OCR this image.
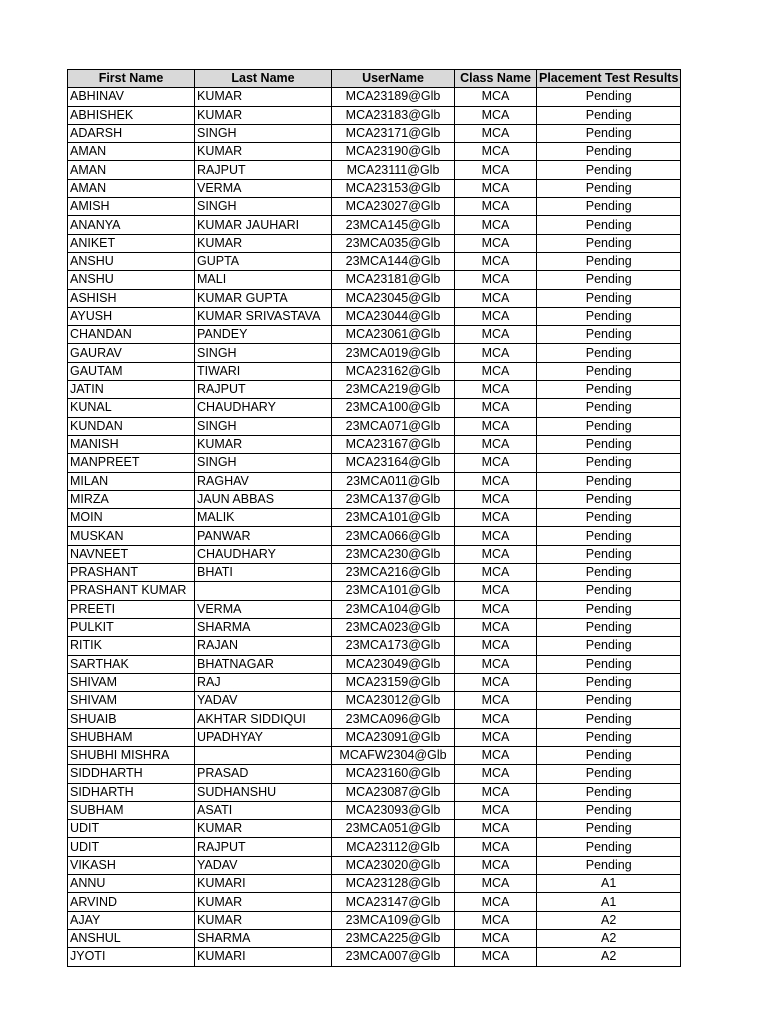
First Name	Last Name	UserName	Class Name	Placement Test Results
ABHINAV	KUMAR	MCA23189@Glb	MCA	Pending
ABHISHEK	KUMAR	MCA23183@Glb	MCA	Pending
ADARSH	SINGH	MCA23171@Glb	MCA	Pending
AMAN	KUMAR	MCA23190@Glb	MCA	Pending
AMAN	RAJPUT	MCA23111@Glb	MCA	Pending
AMAN	VERMA	MCA23153@Glb	MCA	Pending
AMISH	SINGH	MCA23027@Glb	MCA	Pending
ANANYA	KUMAR JAUHARI	23MCA145@Glb	MCA	Pending
ANIKET	KUMAR	23MCA035@Glb	MCA	Pending
ANSHU	GUPTA	23MCA144@Glb	MCA	Pending
ANSHU	MALI	MCA23181@Glb	MCA	Pending
ASHISH	KUMAR GUPTA	MCA23045@Glb	MCA	Pending
AYUSH	KUMAR SRIVASTAVA	MCA23044@Glb	MCA	Pending
CHANDAN	PANDEY	MCA23061@Glb	MCA	Pending
GAURAV	SINGH	23MCA019@Glb	MCA	Pending
GAUTAM	TIWARI	MCA23162@Glb	MCA	Pending
JATIN	RAJPUT	23MCA219@Glb	MCA	Pending
KUNAL	CHAUDHARY	23MCA100@Glb	MCA	Pending
KUNDAN	SINGH	23MCA071@Glb	MCA	Pending
MANISH	KUMAR	MCA23167@Glb	MCA	Pending
MANPREET	SINGH	MCA23164@Glb	MCA	Pending
MILAN	RAGHAV	23MCA011@Glb	MCA	Pending
MIRZA	JAUN ABBAS	23MCA137@Glb	MCA	Pending
MOIN	MALIK	23MCA101@Glb	MCA	Pending
MUSKAN	PANWAR	23MCA066@Glb	MCA	Pending
NAVNEET	CHAUDHARY	23MCA230@Glb	MCA	Pending
PRASHANT	BHATI	23MCA216@Glb	MCA	Pending
PRASHANT KUMAR		23MCA101@Glb	MCA	Pending
PREETI	VERMA	23MCA104@Glb	MCA	Pending
PULKIT	SHARMA	23MCA023@Glb	MCA	Pending
RITIK	RAJAN	23MCA173@Glb	MCA	Pending
SARTHAK	BHATNAGAR	MCA23049@Glb	MCA	Pending
SHIVAM	RAJ	MCA23159@Glb	MCA	Pending
SHIVAM	YADAV	MCA23012@Glb	MCA	Pending
SHUAIB	AKHTAR SIDDIQUI	23MCA096@Glb	MCA	Pending
SHUBHAM	UPADHYAY	MCA23091@Glb	MCA	Pending
SHUBHI MISHRA		MCAFW2304@Glb	MCA	Pending
SIDDHARTH	PRASAD	MCA23160@Glb	MCA	Pending
SIDHARTH	SUDHANSHU	MCA23087@Glb	MCA	Pending
SUBHAM	ASATI	MCA23093@Glb	MCA	Pending
UDIT	KUMAR	23MCA051@Glb	MCA	Pending
UDIT	RAJPUT	MCA23112@Glb	MCA	Pending
VIKASH	YADAV	MCA23020@Glb	MCA	Pending
ANNU	KUMARI	MCA23128@Glb	MCA	A1
ARVIND	KUMAR	MCA23147@Glb	MCA	A1
AJAY	KUMAR	23MCA109@Glb	MCA	A2
ANSHUL	SHARMA	23MCA225@Glb	MCA	A2
JYOTI	KUMARI	23MCA007@Glb	MCA	A2
